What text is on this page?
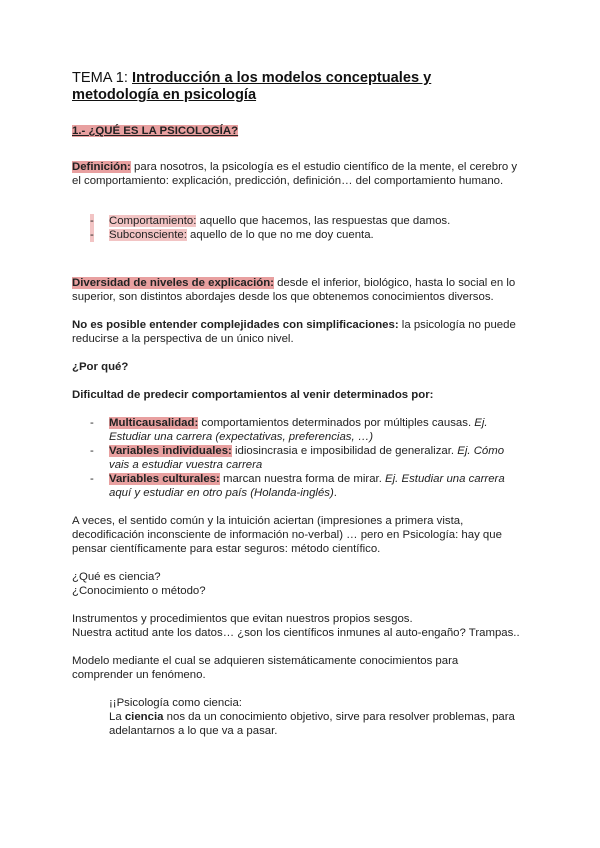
TEMA 1: Introducción a los modelos conceptuales y metodología en psicología

1.- ¿QUÉ ES LA PSICOLOGÍA?

Definición: para nosotros, la psicología es el estudio científico de la mente, el cerebro y el comportamiento: explicación, predicción, definición… del comportamiento humano.

- Comportamiento: aquello que hacemos, las respuestas que damos.
- Subconsciente: aquello de lo que no me doy cuenta.

Diversidad de niveles de explicación: desde el inferior, biológico, hasta lo social en lo superior, son distintos abordajes desde los que obtenemos conocimientos diversos.

No es posible entender complejidades con simplificaciones: la psicología no puede reducirse a la perspectiva de un único nivel.

¿Por qué?

Dificultad de predecir comportamientos al venir determinados por:

- Multicausalidad: comportamientos determinados por múltiples causas. Ej. Estudiar una carrera (expectativas, preferencias, …)
- Variables individuales: idiosincrasia e imposibilidad de generalizar. Ej. Cómo vais a estudiar vuestra carrera
- Variables culturales: marcan nuestra forma de mirar. Ej. Estudiar una carrera aquí y estudiar en otro país (Holanda-inglés).

A veces, el sentido común y la intuición aciertan (impresiones a primera vista, decodificación inconsciente de información no-verbal) … pero en Psicología: hay que pensar científicamente para estar seguros: método científico.

¿Qué es ciencia?

¿Conocimiento o método?

Instrumentos y procedimientos que evitan nuestros propios sesgos.

Nuestra actitud ante los datos… ¿son los científicos inmunes al auto-engaño? Trampas..

Modelo mediante el cual se adquieren sistemáticamente conocimientos para comprender un fenómeno.

¡¡Psicología como ciencia:

La ciencia nos da un conocimiento objetivo, sirve para resolver problemas, para adelantarnos a lo que va a pasar.
